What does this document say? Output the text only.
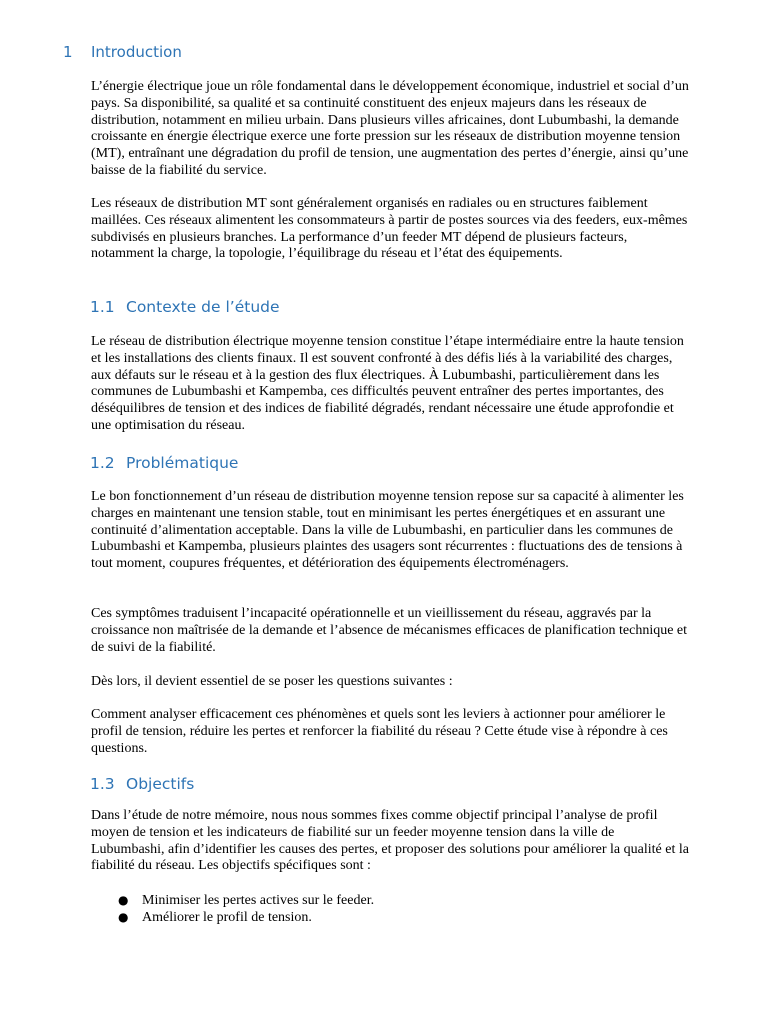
1 Introduction

L’énergie électrique joue un rôle fondamental dans le développement économique, industriel et social d’un pays. Sa disponibilité, sa qualité et sa continuité constituent des enjeux majeurs dans les réseaux de distribution, notamment en milieu urbain. Dans plusieurs villes africaines, dont Lubumbashi, la demande croissante en énergie électrique exerce une forte pression sur les réseaux de distribution moyenne tension (MT), entraînant une dégradation du profil de tension, une augmentation des pertes d’énergie, ainsi qu’une baisse de la fiabilité du service.

Les réseaux de distribution MT sont généralement organisés en radiales ou en structures faiblement maillées. Ces réseaux alimentent les consommateurs à partir de postes sources via des feeders, eux-mêmes subdivisés en plusieurs branches. La performance d’un feeder MT dépend de plusieurs facteurs, notamment la charge, la topologie, l’équilibrage du réseau et l’état des équipements.

1.1 Contexte de l’étude

Le réseau de distribution électrique moyenne tension constitue l’étape intermédiaire entre la haute tension et les installations des clients finaux. Il est souvent confronté à des défis liés à la variabilité des charges, aux défauts sur le réseau et à la gestion des flux électriques. À Lubumbashi, particulièrement dans les communes de Lubumbashi et Kampemba, ces difficultés peuvent entraîner des pertes importantes, des déséquilibres de tension et des indices de fiabilité dégradés, rendant nécessaire une étude approfondie et une optimisation du réseau.

1.2 Problématique

Le bon fonctionnement d’un réseau de distribution moyenne tension repose sur sa capacité à alimenter les charges en maintenant une tension stable, tout en minimisant les pertes énergétiques et en assurant une continuité d’alimentation acceptable. Dans la ville de Lubumbashi, en particulier dans les communes de Lubumbashi et Kampemba, plusieurs plaintes des usagers sont récurrentes : fluctuations des de tensions à tout moment, coupures fréquentes, et détérioration des équipements électroménagers.

Ces symptômes traduisent l’incapacité opérationnelle et un vieillissement du réseau, aggravés par la croissance non maîtrisée de la demande et l’absence de mécanismes efficaces de planification technique et de suivi de la fiabilité.

Dès lors, il devient essentiel de se poser les questions suivantes :

Comment analyser efficacement ces phénomènes et quels sont les leviers à actionner pour améliorer le profil de tension, réduire les pertes et renforcer la fiabilité du réseau ? Cette étude vise à répondre à ces questions.

1.3 Objectifs

Dans l’étude de notre mémoire, nous nous sommes fixes comme objectif principal l’analyse de profil moyen de tension et les indicateurs de fiabilité sur un feeder moyenne tension dans la ville de Lubumbashi, afin d’identifier les causes des pertes, et proposer des solutions pour améliorer la qualité et la fiabilité du réseau. Les objectifs spécifiques sont :

● Minimiser les pertes actives sur le feeder.
● Améliorer le profil de tension.
